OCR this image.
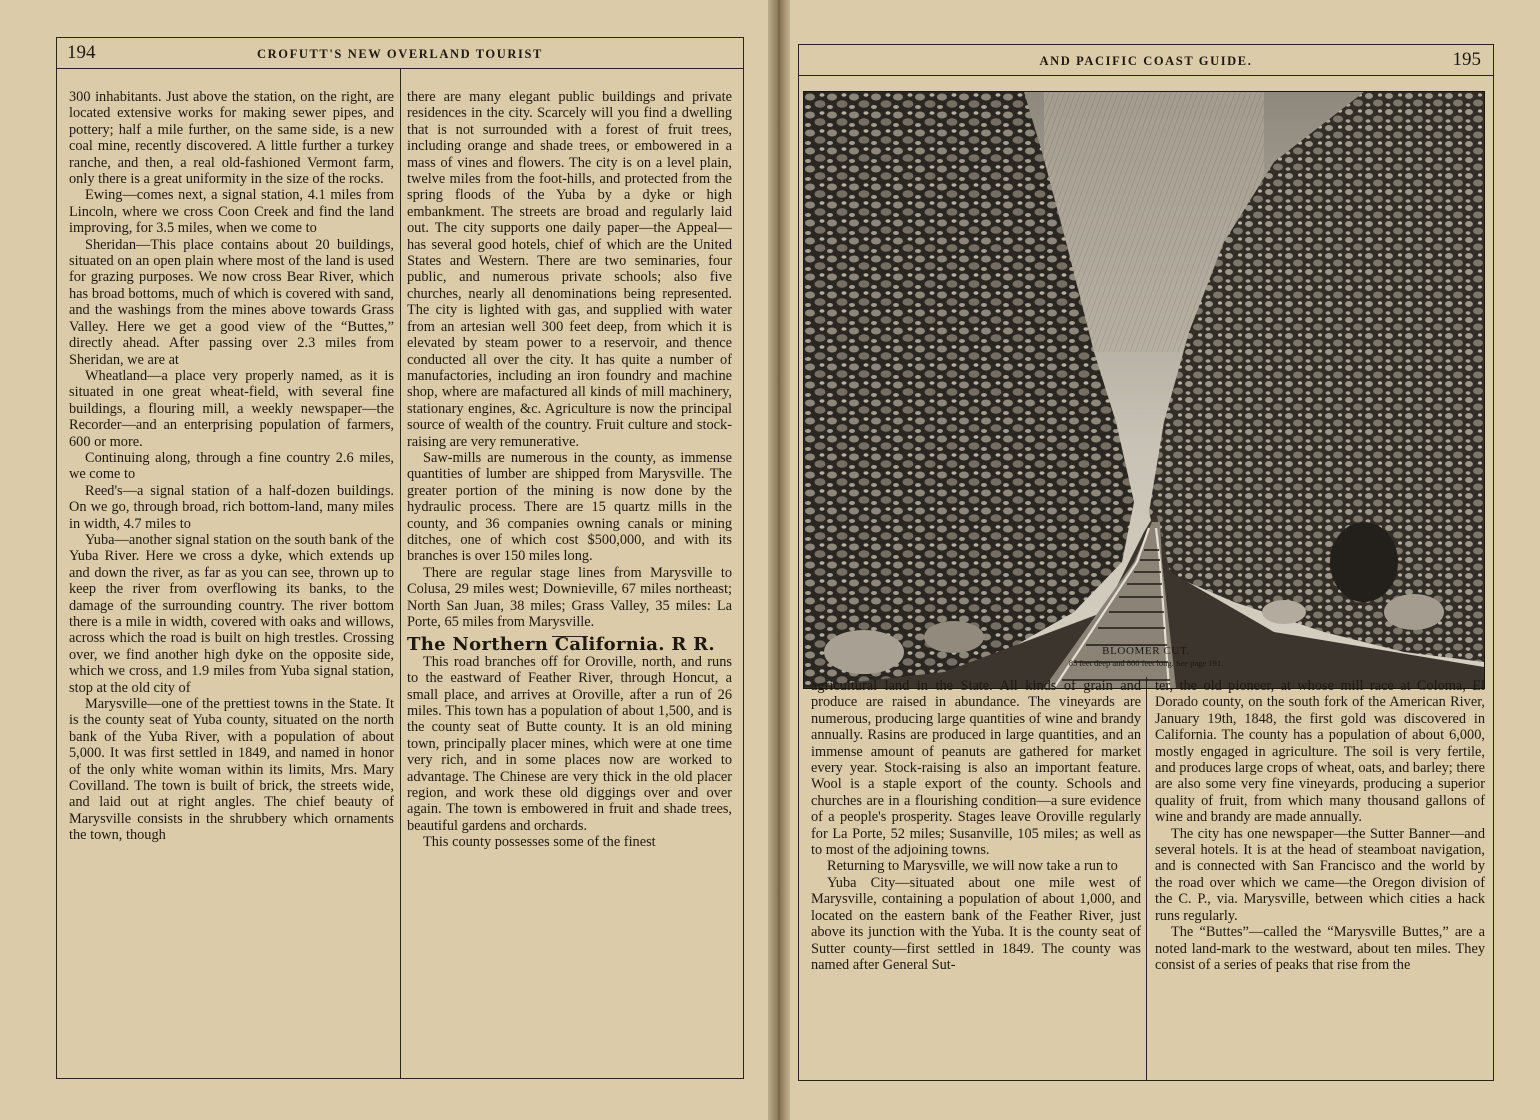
194	CROFUTT'S NEW OVERLAND TOURIST

300 inhabitants. Just above the station, on the right, are located extensive works for making sewer pipes, and pottery; half a mile further, on the same side, is a new coal mine, recently discovered. A little further a turkey ranche, and then, a real old-fashioned Vermont farm, only there is a great uniformity in the size of the rocks.

Ewing—comes next, a signal station, 4.1 miles from Lincoln, where we cross Coon Creek and find the land improving, for 3.5 miles, when we come to

Sheridan—This place contains about 20 buildings, situated on an open plain where most of the land is used for grazing purposes. We now cross Bear River, which has broad bottoms, much of which is covered with sand, and the washings from the mines above towards Grass Valley. Here we get a good view of the “Buttes,” directly ahead. After passing over 2.3 miles from Sheridan, we are at

Wheatland—a place very properly named, as it is situated in one great wheat-field, with several fine buildings, a flouring mill, a weekly newspaper—the Recorder—and an enterprising population of farmers, 600 or more.

Continuing along, through a fine country 2.6 miles, we come to

Reed's—a signal station of a half-dozen buildings. On we go, through broad, rich bottom-land, many miles in width, 4.7 miles to

Yuba—another signal station on the south bank of the Yuba River. Here we cross a dyke, which extends up and down the river, as far as you can see, thrown up to keep the river from overflowing its banks, to the damage of the surrounding country. The river bottom there is a mile in width, covered with oaks and willows, across which the road is built on high trestles. Crossing over, we find another high dyke on the opposite side, which we cross, and 1.9 miles from Yuba signal station, stop at the old city of

Marysville—one of the prettiest towns in the State. It is the county seat of Yuba county, situated on the north bank of the Yuba River, with a population of about 5,000. It was first settled in 1849, and named in honor of the only white woman within its limits, Mrs. Mary Covilland. The town is built of brick, the streets wide, and laid out at right angles. The chief beauty of Marysville consists in the shrubbery which ornaments the town, though

there are many elegant public buildings and private residences in the city. Scarcely will you find a dwelling that is not surrounded with a forest of fruit trees, including orange and shade trees, or embowered in a mass of vines and flowers. The city is on a level plain, twelve miles from the foot-hills, and protected from the spring floods of the Yuba by a dyke or high embankment. The streets are broad and regularly laid out. The city supports one daily paper—the Appeal—has several good hotels, chief of which are the United States and Western. There are two seminaries, four public, and numerous private schools; also five churches, nearly all denominations being represented. The city is lighted with gas, and supplied with water from an artesian well 300 feet deep, from which it is elevated by steam power to a reservoir, and thence conducted all over the city. It has quite a number of manufactories, including an iron foundry and machine shop, where are mafactured all kinds of mill machinery, stationary engines, &c. Agriculture is now the principal source of wealth of the country. Fruit culture and stock-raising are very remunerative.

Saw-mills are numerous in the county, as immense quantities of lumber are shipped from Marysville. The greater portion of the mining is now done by the hydraulic process. There are 15 quartz mills in the county, and 36 companies owning canals or mining ditches, one of which cost $500,000, and with its branches is over 150 miles long.

There are regular stage lines from Marysville to Colusa, 29 miles west; Downieville, 67 miles northeast; North San Juan, 38 miles; Grass Valley, 35 miles: La Porte, 65 miles from Marysville.

The Northern California. R R.

This road branches off for Oroville, north, and runs to the eastward of Feather River, through Honcut, a small place, and arrives at Oroville, after a run of 26 miles. This town has a population of about 1,500, and is the county seat of Butte county. It is an old mining town, principally placer mines, which were at one time very rich, and in some places now are worked to advantage. The Chinese are very thick in the old placer region, and work these old diggings over and over again. The town is embowered in fruit and shade trees, beautiful gardens and orchards.

This county possesses some of the finest

AND PACIFIC COAST GUIDE.	195
BLOOMER CUT.
85 feet deep and 800 feet long. See page 191.

agricultural land in the State. All kinds of grain and produce are raised in abundance. The vineyards are numerous, producing large quantities of wine and brandy annually. Rasins are produced in large quantities, and an immense amount of peanuts are gathered for market every year. Stock-raising is also an important feature. Wool is a staple export of the county. Schools and churches are in a flourishing condition—a sure evidence of a people's prosperity. Stages leave Oroville regularly for La Porte, 52 miles; Susanville, 105 miles; as well as to most of the adjoining towns.

Returning to Marysville, we will now take a run to

Yuba City—situated about one mile west of Marysville, containing a population of about 1,000, and located on the eastern bank of the Feather River, just above its junction with the Yuba. It is the county seat of Sutter county—first settled in 1849. The county was named after General Sut-

ter, the old pioneer, at whose mill race at Coloma, El Dorado county, on the south fork of the American River, January 19th, 1848, the first gold was discovered in California. The county has a population of about 6,000, mostly engaged in agriculture. The soil is very fertile, and produces large crops of wheat, oats, and barley; there are also some very fine vineyards, producing a superior quality of fruit, from which many thousand gallons of wine and brandy are made annually.

The city has one newspaper—the Sutter Banner—and several hotels. It is at the head of steamboat navigation, and is connected with San Francisco and the world by the road over which we came—the Oregon division of the C. P., via. Marysville, between which cities a hack runs regularly.

The “Buttes”—called the “Marysville Buttes,” are a noted land-mark to the westward, about ten miles. They consist of a series of peaks that rise from the
